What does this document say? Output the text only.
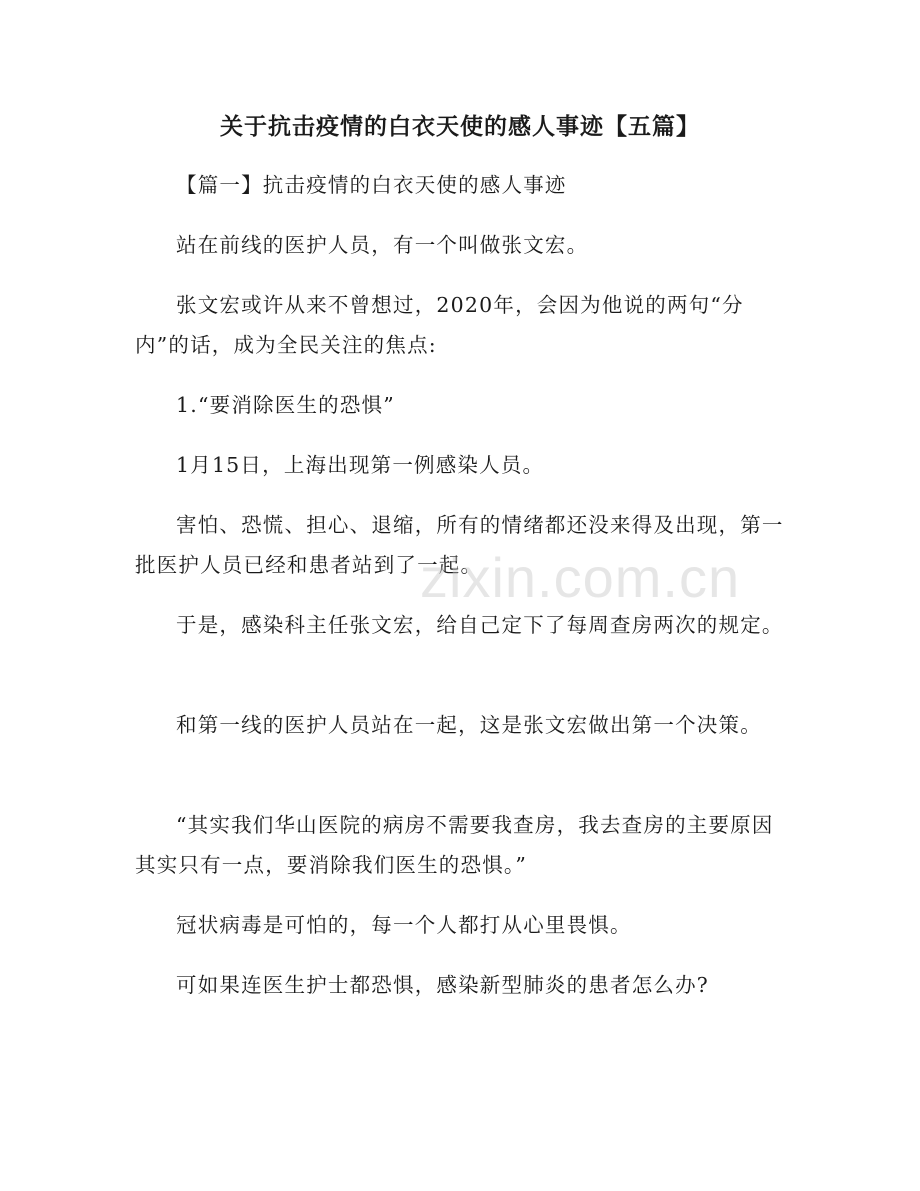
关于抗击疫情的白衣天使的感人事迹【五篇】

【篇一】抗击疫情的白衣天使的感人事迹

站在前线的医护人员，有一个叫做张文宏。

张文宏或许从来不曾想过，2020年，会因为他说的两句“分内”的话，成为全民关注的焦点:

1.“要消除医生的恐惧”

1月15日，上海出现第一例感染人员。

害怕、恐慌、担心、退缩，所有的情绪都还没来得及出现，第一批医护人员已经和患者站到了一起。

于是，感染科主任张文宏，给自己定下了每周查房两次的规定。

和第一线的医护人员站在一起，这是张文宏做出第一个决策。

“其实我们华山医院的病房不需要我查房，我去查房的主要原因其实只有一点，要消除我们医生的恐惧。”

冠状病毒是可怕的，每一个人都打从心里畏惧。

可如果连医生护士都恐惧，感染新型肺炎的患者怎么办?

zixin.com.cn
